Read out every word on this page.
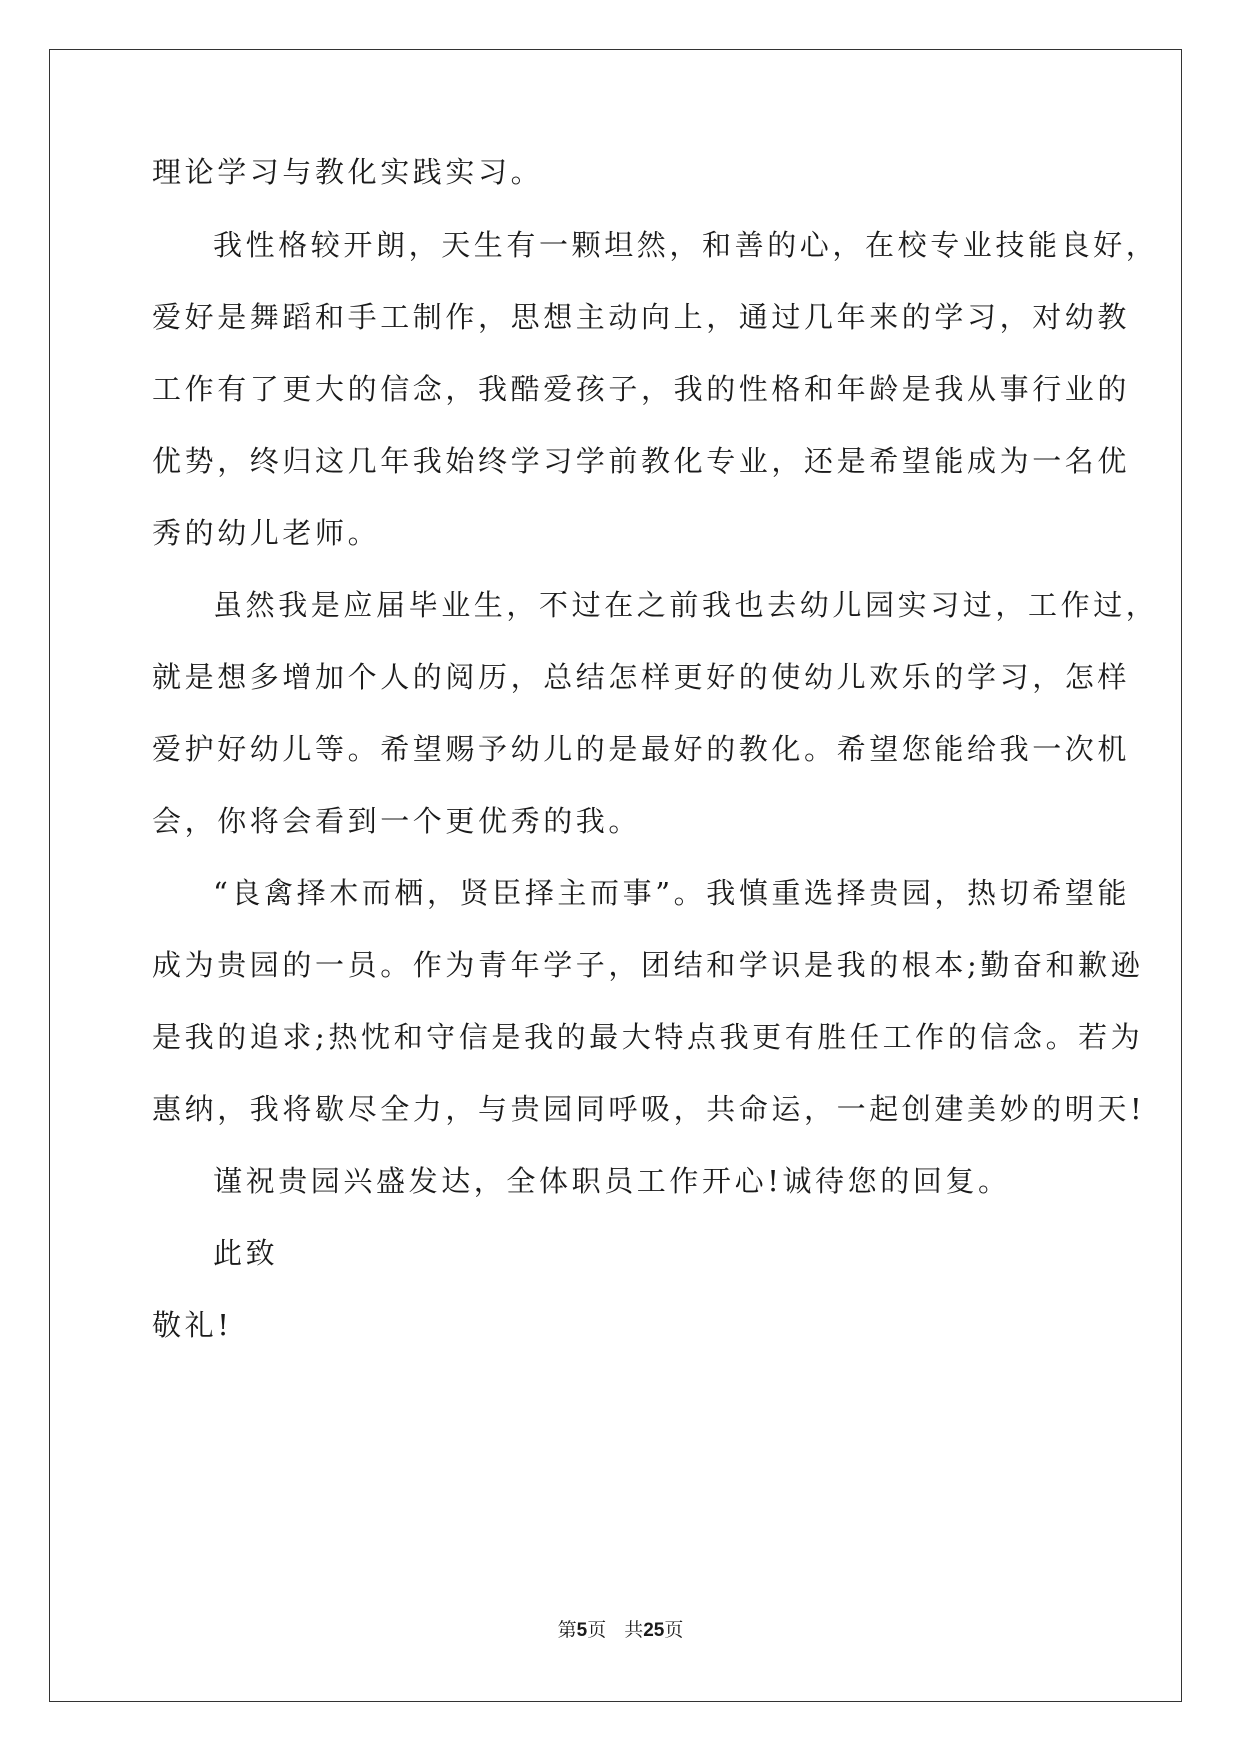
理论学习与教化实践实习。
我性格较开朗，天生有一颗坦然，和善的心，在校专业技能良好，
爱好是舞蹈和手工制作，思想主动向上，通过几年来的学习，对幼教
工作有了更大的信念，我酷爱孩子，我的性格和年龄是我从事行业的
优势，终归这几年我始终学习学前教化专业，还是希望能成为一名优
秀的幼儿老师。
虽然我是应届毕业生，不过在之前我也去幼儿园实习过，工作过，
就是想多增加个人的阅历，总结怎样更好的使幼儿欢乐的学习，怎样
爱护好幼儿等。希望赐予幼儿的是最好的教化。希望您能给我一次机
会，你将会看到一个更优秀的我。
“良禽择木而栖，贤臣择主而事”。我慎重选择贵园，热切希望能
成为贵园的一员。作为青年学子，团结和学识是我的根本;勤奋和歉逊
是我的追求;热忱和守信是我的最大特点我更有胜任工作的信念。若为
惠纳，我将歇尽全力，与贵园同呼吸，共命运，一起创建美妙的明天!
谨祝贵园兴盛发达，全体职员工作开心!诚待您的回复。
此致
敬礼!
第5页 共25页
